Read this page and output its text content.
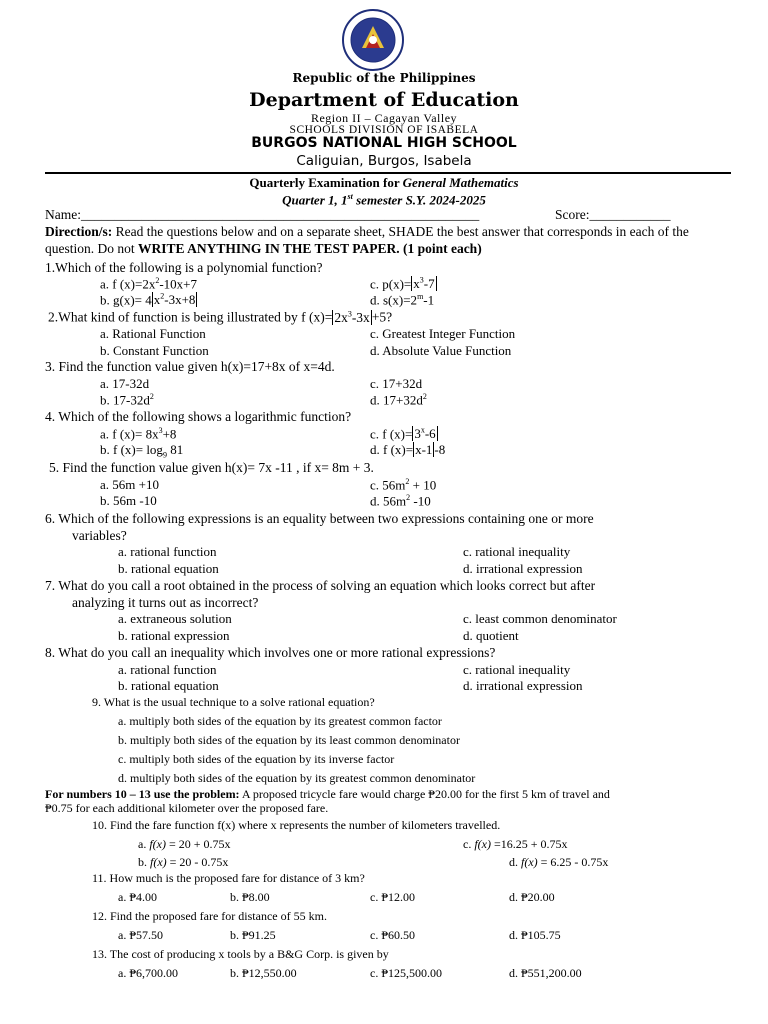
Republic of the Philippines
Department of Education
Region II – Cagayan Valley
SCHOOLS DIVISION OF ISABELA
BURGOS NATIONAL HIGH SCHOOL
Caliguian, Burgos, Isabela
Quarterly Examination for General Mathematics
Quarter 1, 1st semester S.Y. 2024-2025
Name:___________________________________________________________	Score:____________
Direction/s: Read the questions below and on a separate sheet, SHADE the best answer that corresponds in each of the question. Do not WRITE ANYTHING IN THE TEST PAPER. (1 point each)
1.Which of the following is a polynomial function?
a. f $(x)=2x^2-10x+7$	c. $p(x)= x^3-7$
b. g(x)= 4 $x^2-3x+8$	d. $s(x)=2^m-1$
2.What kind of function is being illustrated by f $(x)= 2x^3-3x +5$?
a. Rational Function	c. Greatest Integer Function
b. Constant Function	d. Absolute Value Function
3. Find the function value given h(x)=17+8x of x=4d.
a. 17-32d	c. 17+32d
b. $17-32d^2$	d. $17+32d^2$
4. Which of the following shows a logarithmic function?
a. f $(x)= 8x^3+8$	c. f $(x)= 3^x-6$
b. f $(x)= \log_9 81$	d. f (x)= x-1 -8
5. Find the function value given h(x)= 7x -11 , if x= 8m + 3.
a. 56m +10	c. $56m^2 + 10$
b. 56m -10	d. $56m^2$ -10
6. Which of the following expressions is an equality between two expressions containing one or more
variables?
a. rational function	c. rational inequality
b. rational equation	d. irrational expression
7. What do you call a root obtained in the process of solving an equation which looks correct but after
analyzing it turns out as incorrect?
a. extraneous solution	c. least common denominator
b. rational expression	d. quotient
8. What do you call an inequality which involves one or more rational expressions?
a. rational function	c. rational inequality
b. rational equation	d. irrational expression
9. What is the usual technique to a solve rational equation?
a. multiply both sides of the equation by its greatest common factor
b. multiply both sides of the equation by its least common denominator
c. multiply both sides of the equation by its inverse factor
d. multiply both sides of the equation by its greatest common denominator
For numbers 10 – 13 use the problem: A proposed tricycle fare would charge ₱20.00 for the first 5 km of travel and
₱0.75 for each additional kilometer over the proposed fare.
10. Find the fare function f(x) where x represents the number of kilometers travelled.
a. f(x) = 20 + 0.75x	c. f(x) =16.25 + 0.75x
b. f(x) = 20 - 0.75x	d. f(x) = 6.25 - 0.75x
11. How much is the proposed fare for distance of 3 km?
a. ₱4.00	b. ₱8.00	c. ₱12.00	d. ₱20.00
12. Find the proposed fare for distance of 55 km.
a. ₱57.50	b. ₱91.25	c. ₱60.50	d. ₱105.75
13. The cost of producing x tools by a B&G Corp. is given by
a. ₱6,700.00	b. ₱12,550.00	c. ₱125,500.00	d. ₱551,200.00
